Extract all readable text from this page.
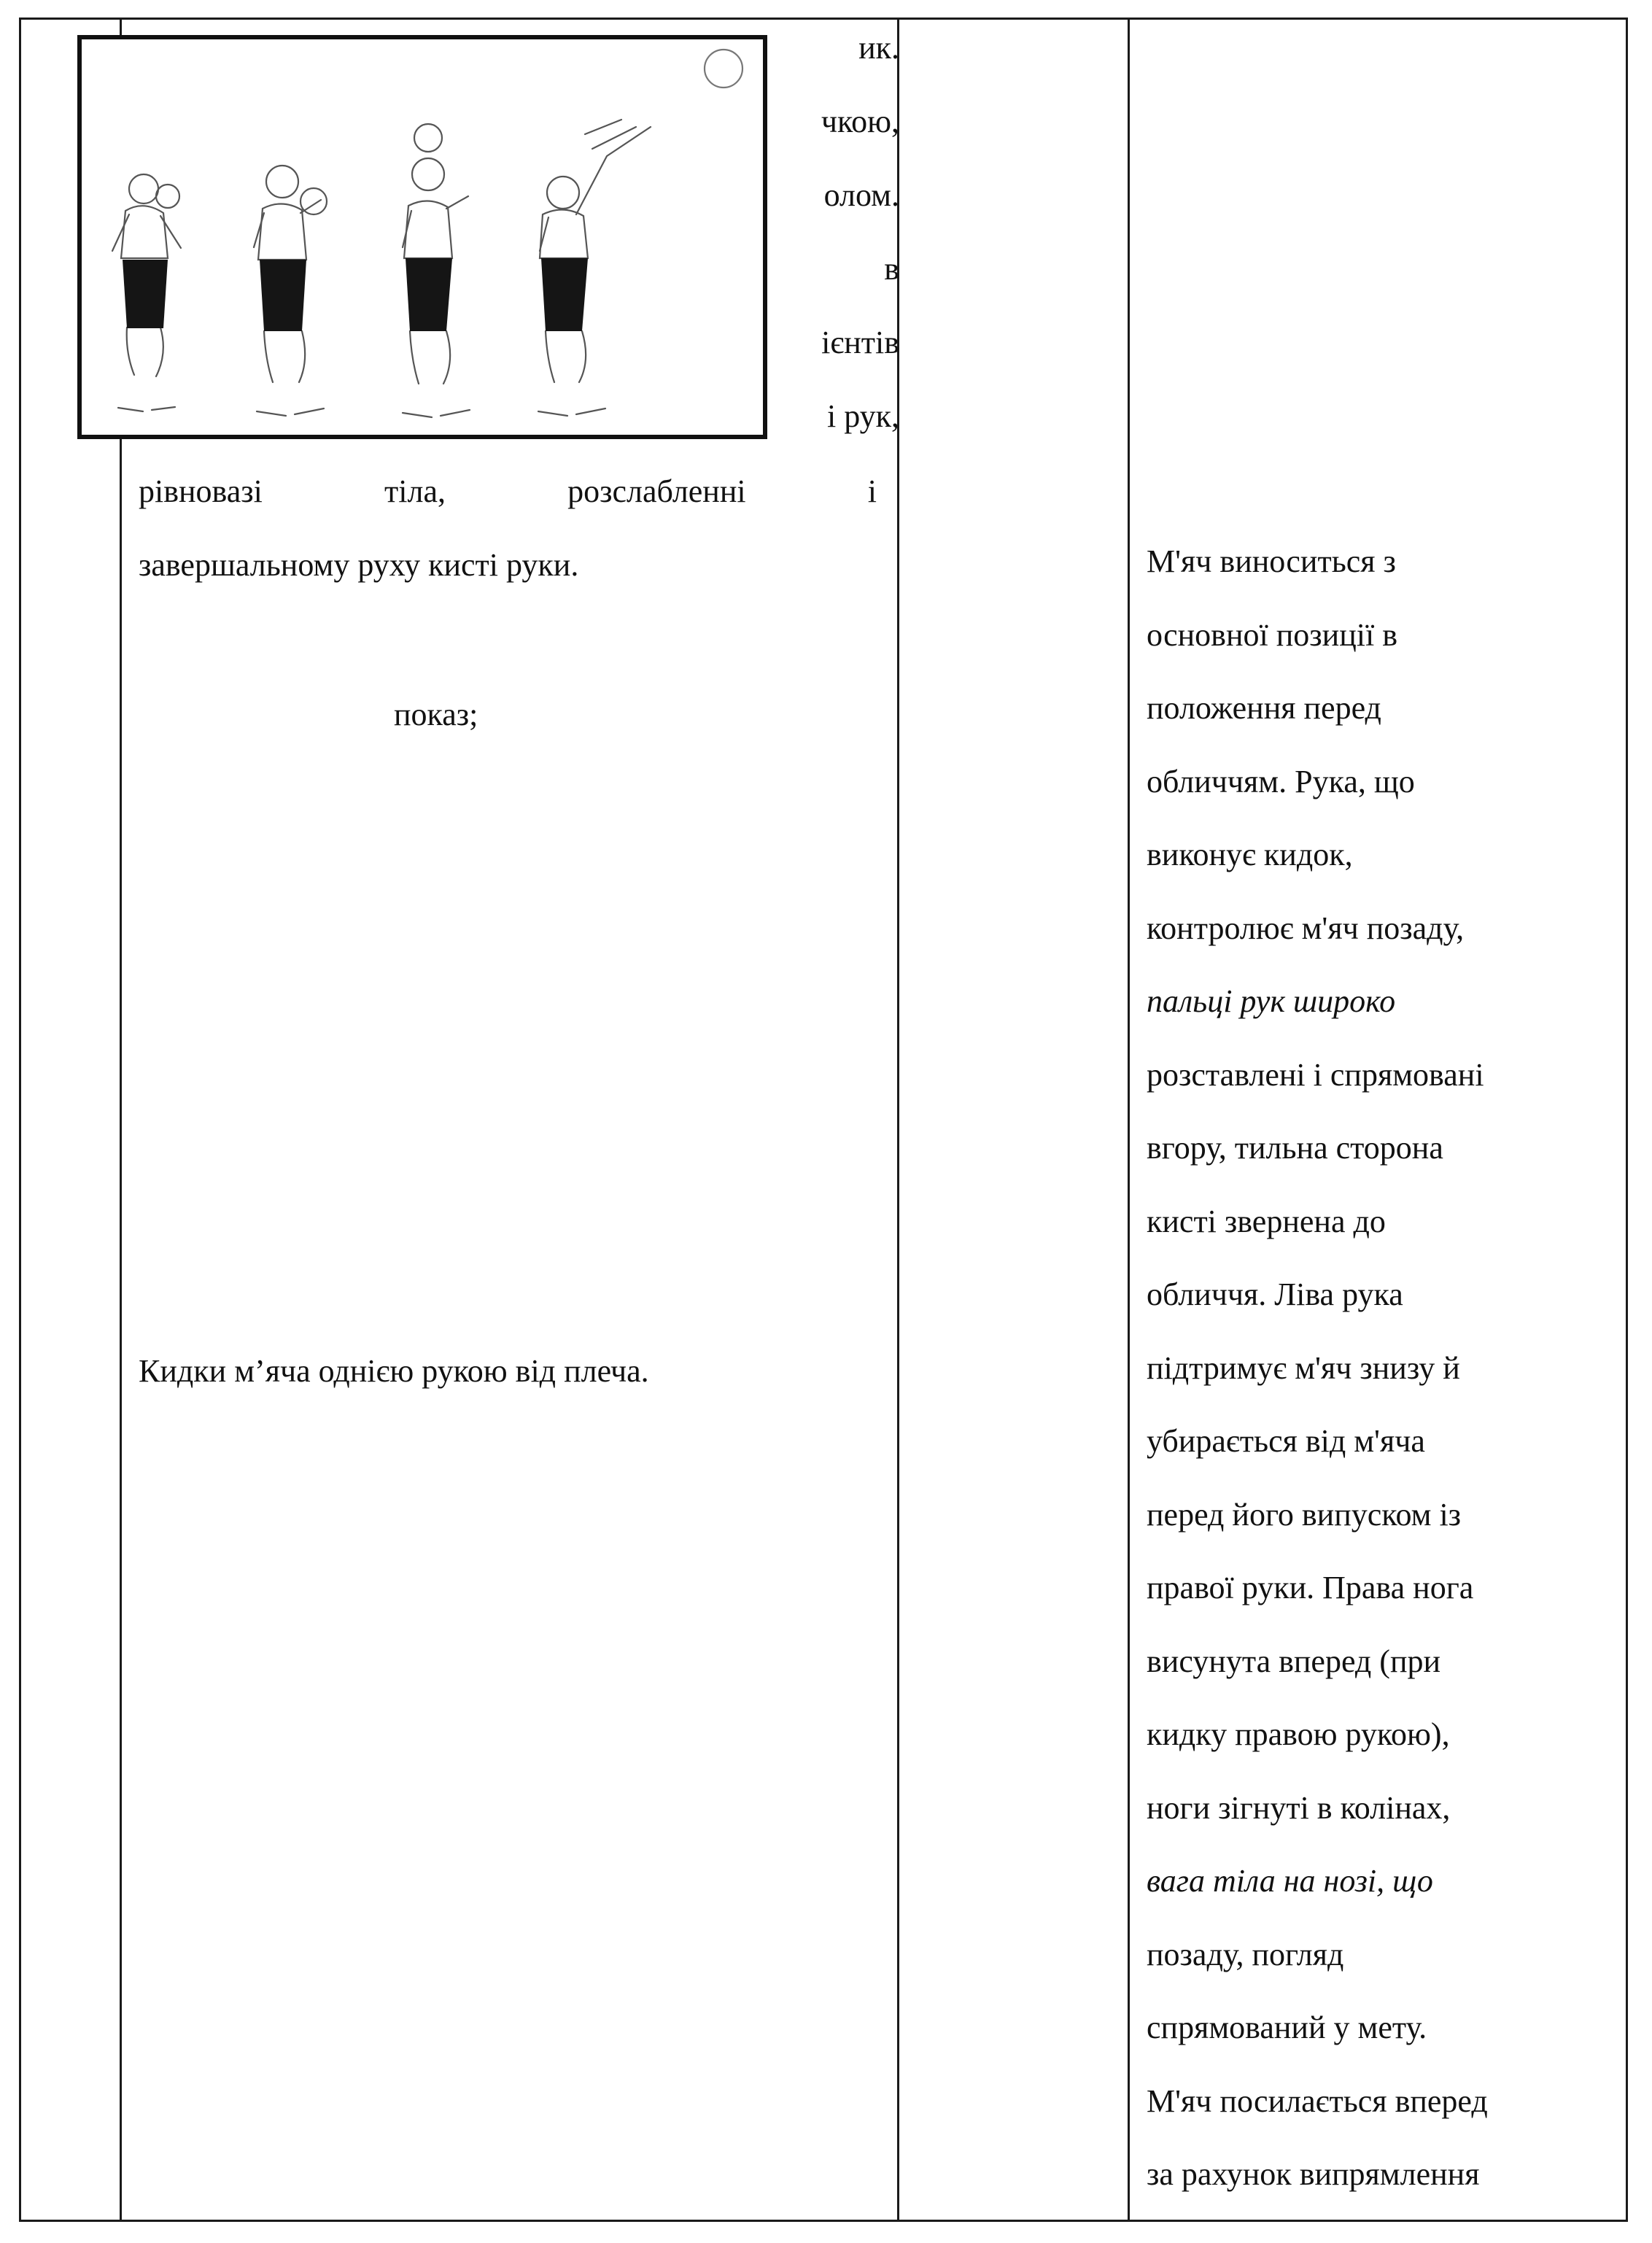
ик.
чкою,
олом.
в
ієнтів
і рук,
рівновазі	тіла,	розслабленні	і
завершальному руху кисті руки.
показ;
Кидки м’яча однією рукою від плеча.
М'яч виноситься з
основної позиції в
положення перед
обличчям. Рука, що
виконує кидок,
контролює м'яч позаду,
пальці рук широко
розставлені і спрямовані
вгору, тильна сторона
кисті звернена до
обличчя. Ліва рука
підтримує м'яч знизу й
убирається від м'яча
перед його випуском із
правої руки. Права нога
висунута вперед (при
кидку правою рукою),
ноги зігнуті в колінах,
вага тіла на нозі, що
позаду, погляд
спрямований у мету.
М'яч посилається вперед
за рахунок випрямлення
